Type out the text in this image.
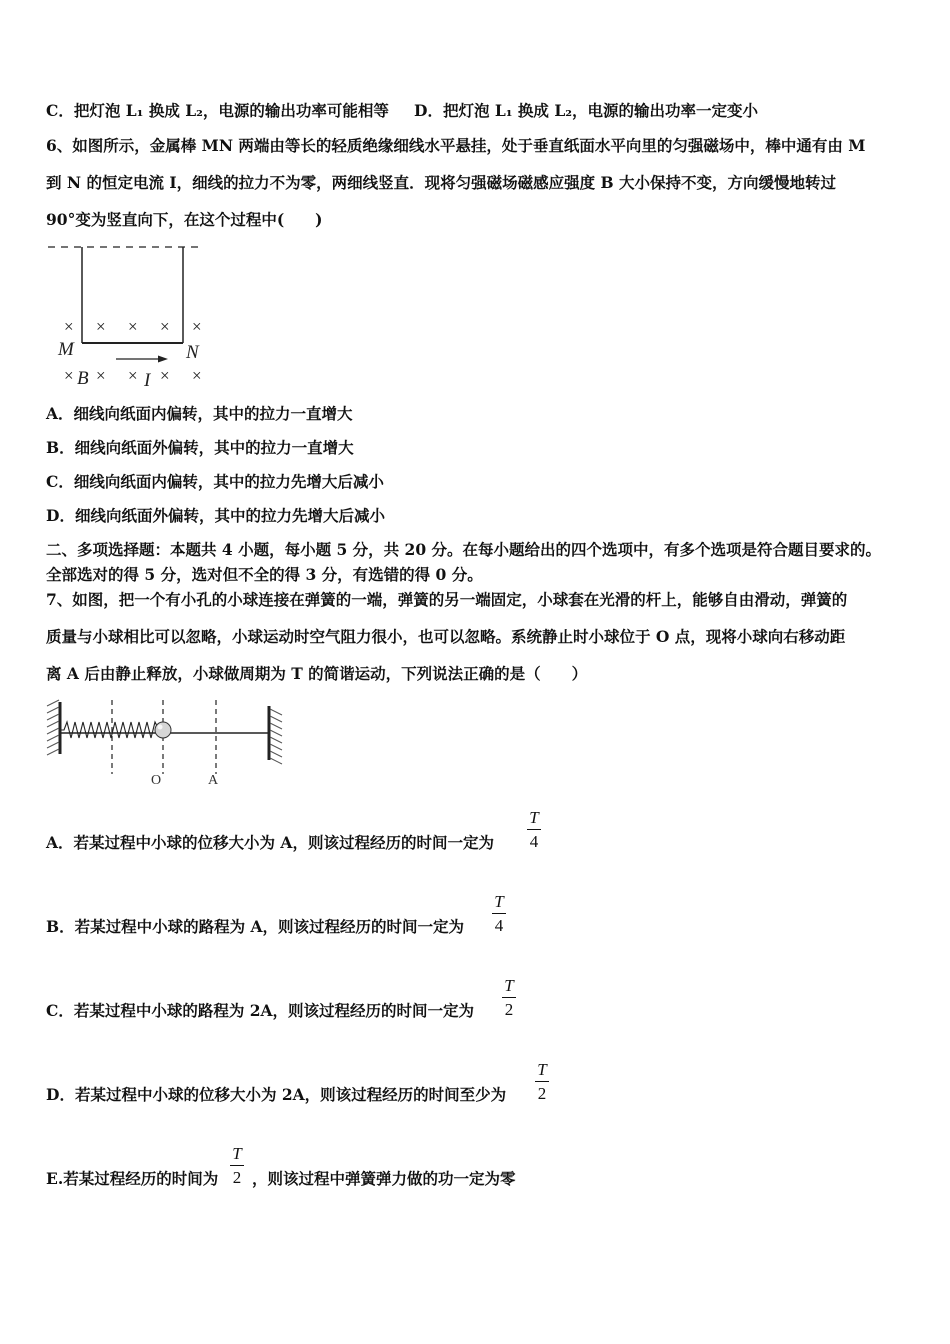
C．把灯泡 L₁ 换成 L₂，电源的输出功率可能相等 D．把灯泡 L₁ 换成 L₂，电源的输出功率一定变小
6、如图所示，金属棒 MN 两端由等长的轻质绝缘细线水平悬挂，处于垂直纸面水平向里的匀强磁场中，棒中通有由 M
到 N 的恒定电流 I，细线的拉力不为零，两细线竖直．现将匀强磁场磁感应强度 B 大小保持不变，方向缓慢地转过
90°变为竖直向下，在这个过程中(　　)
× × × × ×
× × × × ×
M	N
B	I
A．细线向纸面内偏转，其中的拉力一直增大
B．细线向纸面外偏转，其中的拉力一直增大
C．细线向纸面内偏转，其中的拉力先增大后减小
D．细线向纸面外偏转，其中的拉力先增大后减小
二、多项选择题：本题共 4 小题，每小题 5 分，共 20 分。在每小题给出的四个选项中，有多个选项是符合题目要求的。
全部选对的得 5 分，选对但不全的得 3 分，有选错的得 0 分。
7、如图，把一个有小孔的小球连接在弹簧的一端，弹簧的另一端固定，小球套在光滑的杆上，能够自由滑动，弹簧的
质量与小球相比可以忽略，小球运动时空气阻力很小，也可以忽略。系统静止时小球位于 O 点，现将小球向右移动距
离 A 后由静止释放，小球做周期为 T 的简谐运动，下列说法正确的是（　　）
O	A
A．若某过程中小球的位移大小为 A，则该过程经历的时间一定为
T
4
B．若某过程中小球的路程为 A，则该过程经历的时间一定为
T
4
C．若某过程中小球的路程为 2A，则该过程经历的时间一定为
T
2
D．若某过程中小球的位移大小为 2A，则该过程经历的时间至少为
T
2
E.若某过程经历的时间为
T
2 ，则该过程中弹簧弹力做的功一定为零
